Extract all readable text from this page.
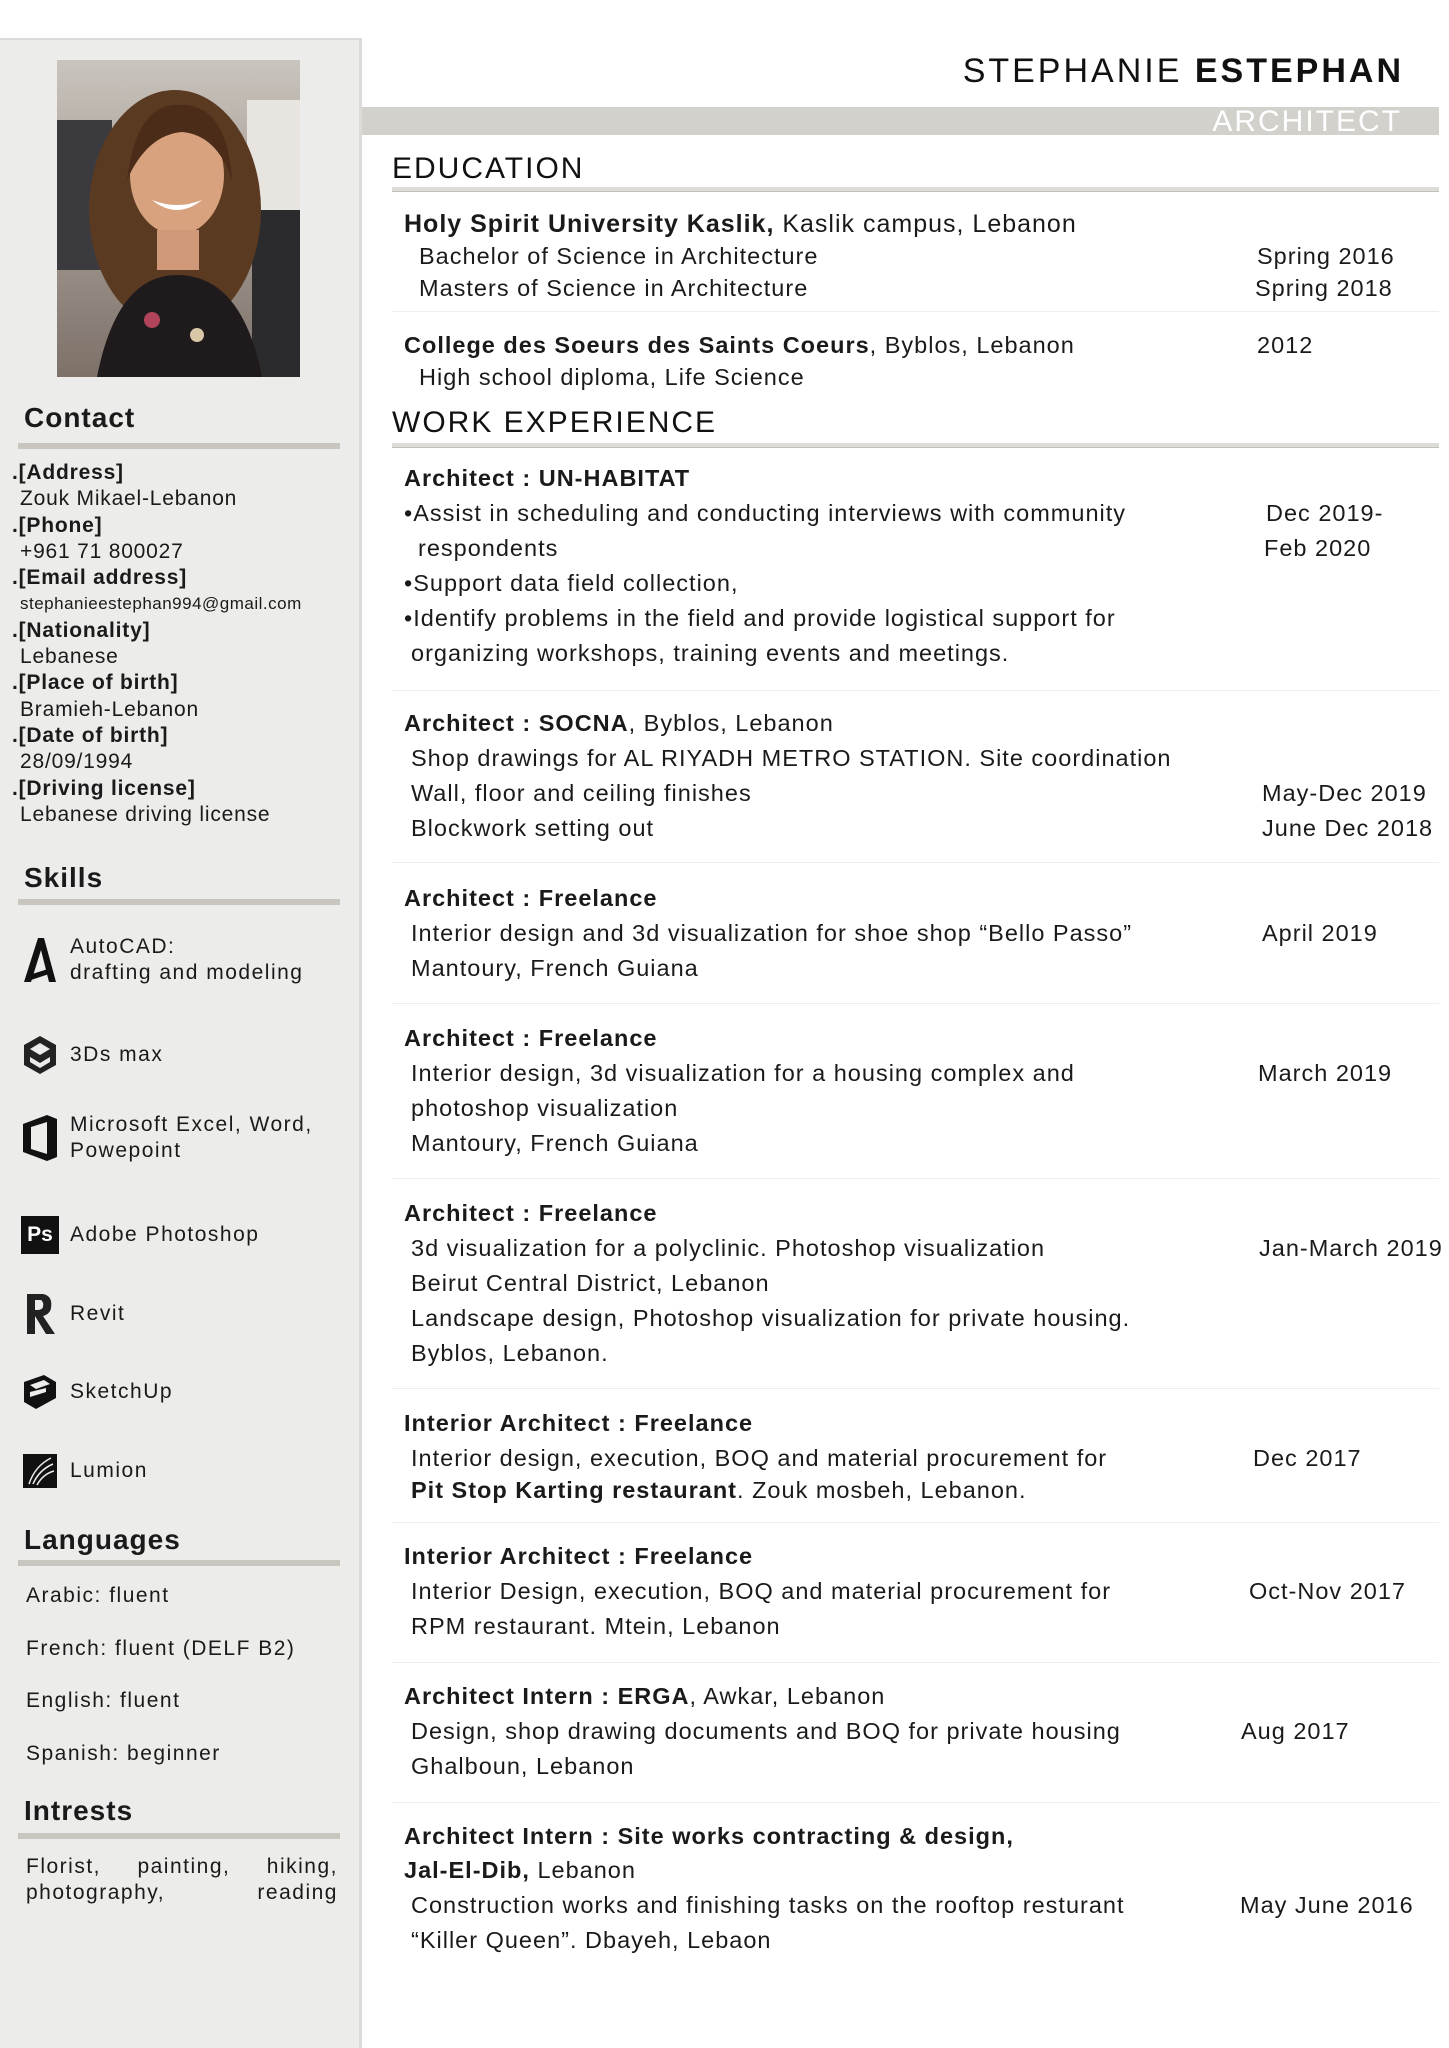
Contact
.[Address]
Zouk Mikael-Lebanon
.[Phone]
+961 71 800027
.[Email address]
stephanieestephan994@gmail.com
.[Nationality]
Lebanese
.[Place of birth]
Bramieh-Lebanon
.[Date of birth]
28/09/1994
.[Driving license]
Lebanese driving license
Skills
AutoCAD:
drafting and modeling
3Ds max
Microsoft Excel, Word,
Powepoint
Ps Adobe Photoshop
Revit
SketchUp
Lumion
Languages
Arabic: fluent
French: fluent (DELF B2)
English: fluent
Spanish: beginner
Intrests
Florist, painting, hiking,
photography, reading
STEPHANIE ESTEPHAN
ARCHITECT
EDUCATION
Holy Spirit University Kaslik, Kaslik campus, Lebanon
Bachelor of Science in Architecture
Masters of Science in Architecture
Spring 2016
Spring 2018
College des Soeurs des Saints Coeurs, Byblos, Lebanon
High school diploma, Life Science
2012
WORK EXPERIENCE
Architect : UN-HABITAT
•Assist in scheduling and conducting interviews with community
respondents
•Support data field collection,
•Identify problems in the field and provide logistical support for
organizing workshops, training events and meetings.
Dec 2019-
Feb 2020
Architect : SOCNA, Byblos, Lebanon
Shop drawings for AL RIYADH METRO STATION. Site coordination
Wall, floor and ceiling finishes
Blockwork setting out
May-Dec 2019
June Dec 2018
Architect : Freelance
Interior design and 3d visualization for shoe shop “Bello Passo”
Mantoury, French Guiana
April 2019
Architect : Freelance
Interior design, 3d visualization for a housing complex and
photoshop visualization
Mantoury, French Guiana
March 2019
Architect : Freelance
3d visualization for a polyclinic. Photoshop visualization
Beirut Central District, Lebanon
Landscape design, Photoshop visualization for private housing.
Byblos, Lebanon.
Jan-March 2019
Interior Architect : Freelance
Interior design, execution, BOQ and material procurement for
Pit Stop Karting restaurant. Zouk mosbeh, Lebanon.
Dec 2017
Interior Architect : Freelance
Interior Design, execution, BOQ and material procurement for
RPM restaurant. Mtein, Lebanon
Oct-Nov 2017
Architect Intern : ERGA, Awkar, Lebanon
Design, shop drawing documents and BOQ for private housing
Ghalboun, Lebanon
Aug 2017
Architect Intern : Site works contracting & design,
Jal-El-Dib, Lebanon
Construction works and finishing tasks on the rooftop resturant
“Killer Queen”. Dbayeh, Lebaon
May June 2016
